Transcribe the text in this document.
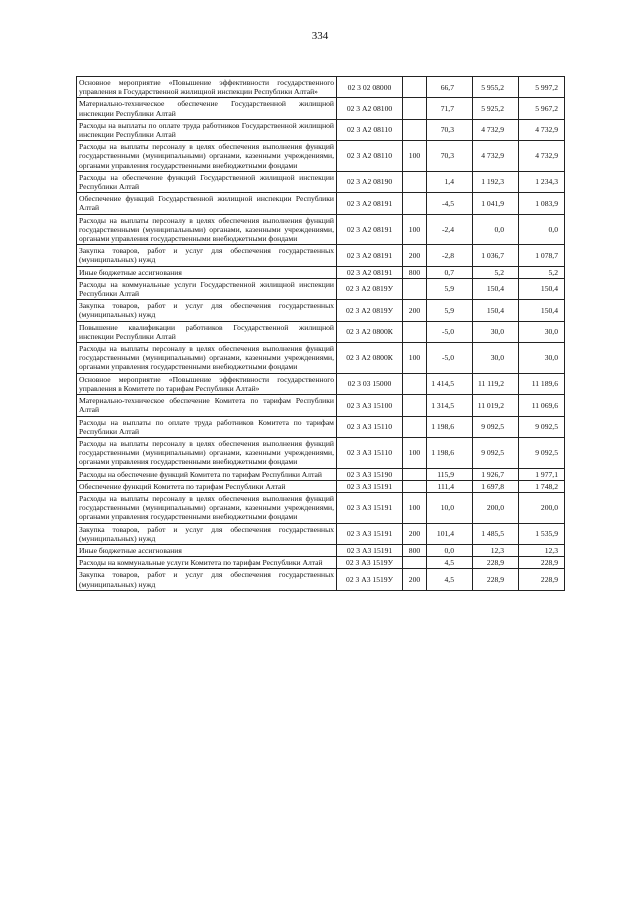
334
Основное мероприятие «Повышение эффективности государственного управления в Государственной жилищной инспекции Республики Алтай»	02 3 02 08000		66,7	5 955,2	5 997,2
Материально-техническое обеспечение Государственной жилищной инспекции Республики Алтай	02 3 А2 08100		71,7	5 925,2	5 967,2
Расходы на выплаты по оплате труда работников Государственной жилищной инспекции Республики Алтай	02 3 А2 08110		70,3	4 732,9	4 732,9
Расходы на выплаты персоналу в целях обеспечения выполнения функций государственными (муниципальными) органами, казенными учреждениями, органами управления государственными внебюджетными фондами	02 3 А2 08110	100	70,3	4 732,9	4 732,9
Расходы на обеспечение функций Государственной жилищной инспекции Республики Алтай	02 3 А2 08190		1,4	1 192,3	1 234,3
Обеспечение функций Государственной жилищной инспекции Республики Алтай	02 3 А2 08191		-4,5	1 041,9	1 083,9
Расходы на выплаты персоналу в целях обеспечения выполнения функций государственными (муниципальными) органами, казенными учреждениями, органами управления государственными внебюджетными фондами	02 3 А2 08191	100	-2,4	0,0	0,0
Закупка товаров, работ и услуг для обеспечения государственных (муниципальных) нужд	02 3 А2 08191	200	-2,8	1 036,7	1 078,7
Иные бюджетные ассигнования	02 3 А2 08191	800	0,7	5,2	5,2
Расходы на коммунальные услуги Государственной жилищной инспекции Республики Алтай	02 3 А2 0819У		5,9	150,4	150,4
Закупка товаров, работ и услуг для обеспечения государственных (муниципальных) нужд	02 3 А2 0819У	200	5,9	150,4	150,4
Повышение квалификации работников Государственной жилищной инспекции Республики Алтай	02 3 А2 0800К		-5,0	30,0	30,0
Расходы на выплаты персоналу в целях обеспечения выполнения функций государственными (муниципальными) органами, казенными учреждениями, органами управления государственными внебюджетными фондами	02 3 А2 0800К	100	-5,0	30,0	30,0
Основное мероприятие «Повышение эффективности государственного управления в Комитете по тарифам Республики Алтай»	02 3 03 15000		1 414,5	11 119,2	11 189,6
Материально-техническое обеспечение Комитета по тарифам Республики Алтай	02 3 А3 15100		1 314,5	11 019,2	11 069,6
Расходы на выплаты по оплате труда работников Комитета по тарифам Республики Алтай	02 3 А3 15110		1 198,6	9 092,5	9 092,5
Расходы на выплаты персоналу в целях обеспечения выполнения функций государственными (муниципальными) органами, казенными учреждениями, органами управления государственными внебюджетными фондами	02 3 А3 15110	100	1 198,6	9 092,5	9 092,5
Расходы на обеспечение функций Комитета по тарифам Республики Алтай	02 3 А3 15190		115,9	1 926,7	1 977,1
Обеспечение функций Комитета по тарифам Республики Алтай	02 3 А3 15191		111,4	1 697,8	1 748,2
Расходы на выплаты персоналу в целях обеспечения выполнения функций государственными (муниципальными) органами, казенными учреждениями, органами управления государственными внебюджетными фондами	02 3 А3 15191	100	10,0	200,0	200,0
Закупка товаров, работ и услуг для обеспечения государственных (муниципальных) нужд	02 3 А3 15191	200	101,4	1 485,5	1 535,9
Иные бюджетные ассигнования	02 3 А3 15191	800	0,0	12,3	12,3
Расходы на коммунальные услуги Комитета по тарифам Республики Алтай	02 3 А3 1519У		4,5	228,9	228,9
Закупка товаров, работ и услуг для обеспечения государственных (муниципальных) нужд	02 3 А3 1519У	200	4,5	228,9	228,9
